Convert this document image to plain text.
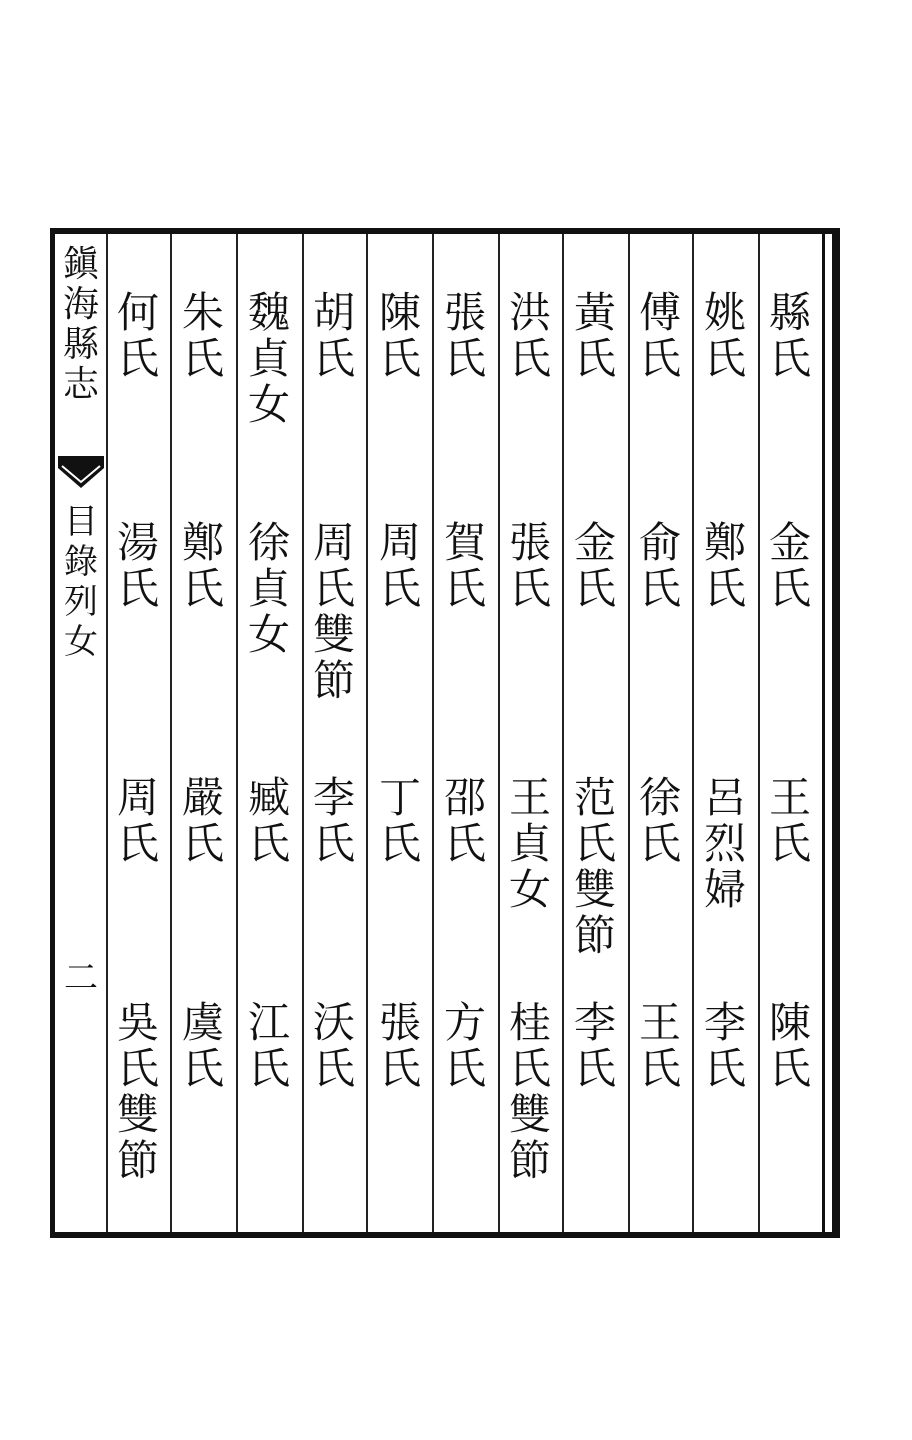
鎭
海
縣
志
目
錄
列
女
二
縣
氏
金
氏
王
氏
陳
氏
姚
氏
鄭
氏
呂
烈
婦
李
氏
傅
氏
俞
氏
徐
氏
王
氏
黃
氏
金
氏
范
氏
雙
節
李
氏
洪
氏
張
氏
王
貞
女
桂
氏
雙
節
張
氏
賀
氏
邵
氏
方
氏
陳
氏
周
氏
丁
氏
張
氏
胡
氏
周
氏
雙
節
李
氏
沃
氏
魏
貞
女
徐
貞
女
臧
氏
江
氏
朱
氏
鄭
氏
嚴
氏
虞
氏
何
氏
湯
氏
周
氏
吳
氏
雙
節
